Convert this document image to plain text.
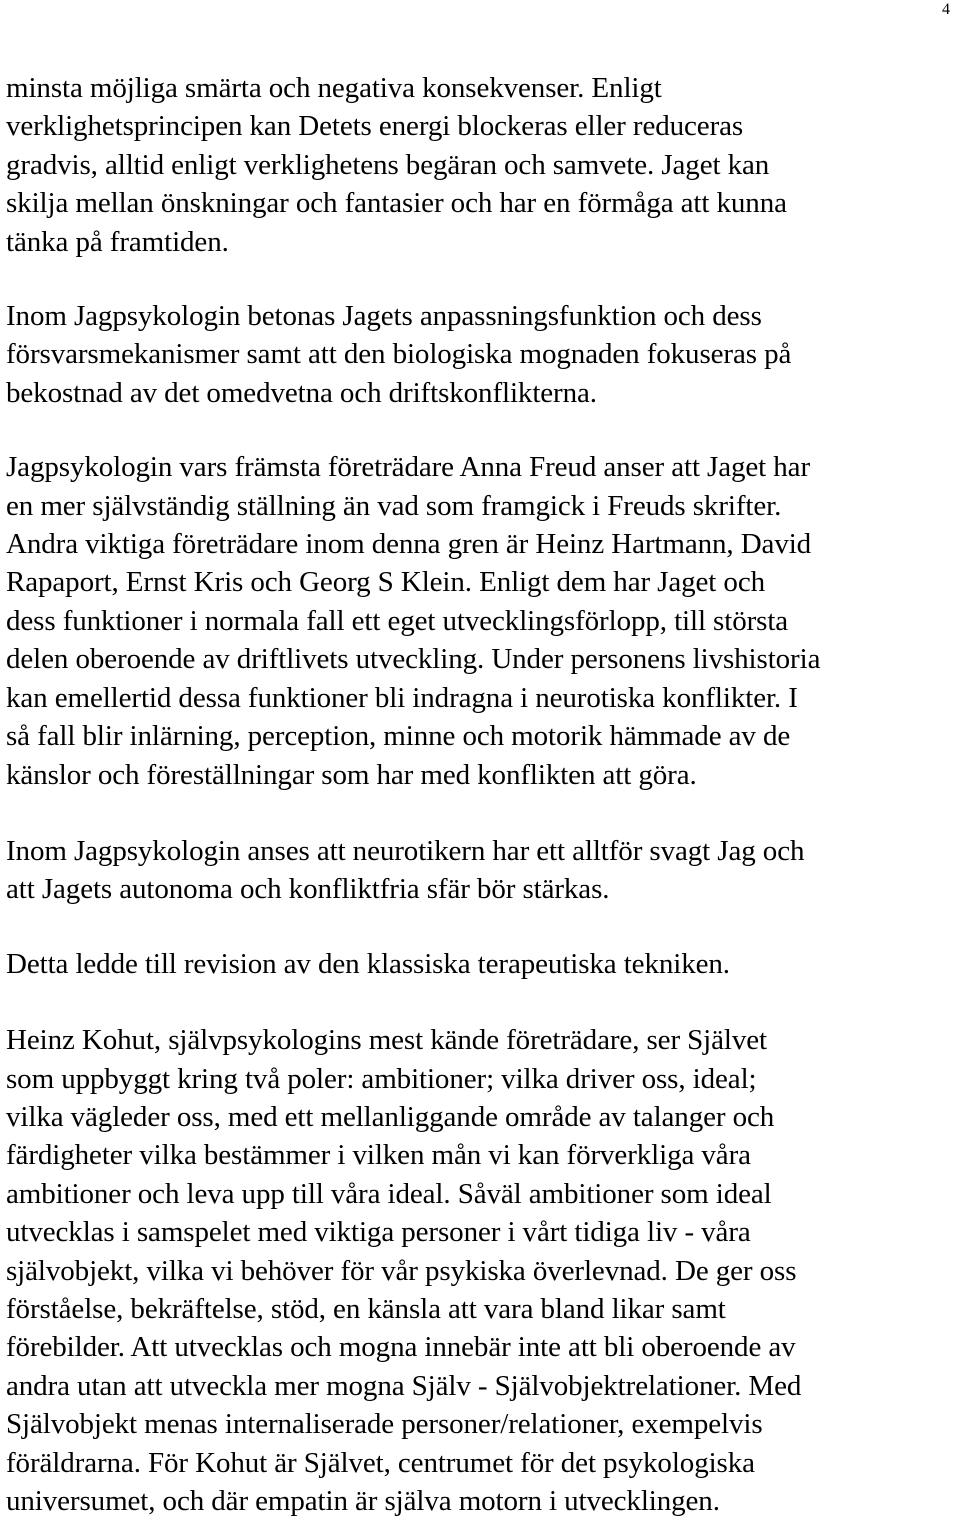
4

minsta möjliga smärta och negativa konsekvenser. Enligt
verklighetsprincipen kan Detets energi blockeras eller reduceras
gradvis, alltid enligt verklighetens begäran och samvete. Jaget kan
skilja mellan önskningar och fantasier och har en förmåga att kunna
tänka på framtiden.

Inom Jagpsykologin betonas Jagets anpassningsfunktion och dess
försvarsmekanismer samt att den biologiska mognaden fokuseras på
bekostnad av det omedvetna och driftskonflikterna.

Jagpsykologin vars främsta företrädare Anna Freud anser att Jaget har
en mer självständig ställning än vad som framgick i Freuds skrifter.
Andra viktiga företrädare inom denna gren är Heinz Hartmann, David
Rapaport, Ernst Kris och Georg S Klein. Enligt dem har Jaget och
dess funktioner i normala fall ett eget utvecklingsförlopp, till största
delen oberoende av driftlivets utveckling. Under personens livshistoria
kan emellertid dessa funktioner bli indragna i neurotiska konflikter. I
så fall blir inlärning, perception, minne och motorik hämmade av de
känslor och föreställningar som har med konflikten att göra.

Inom Jagpsykologin anses att neurotikern har ett alltför svagt Jag och
att Jagets autonoma och konfliktfria sfär bör stärkas.

Detta ledde till revision av den klassiska terapeutiska tekniken.

Heinz Kohut, självpsykologins mest kände företrädare, ser Självet
som uppbyggt kring två poler: ambitioner; vilka driver oss, ideal;
vilka vägleder oss, med ett mellanliggande område av talanger och
färdigheter vilka bestämmer i vilken mån vi kan förverkliga våra
ambitioner och leva upp till våra ideal. Såväl ambitioner som ideal
utvecklas i samspelet med viktiga personer i vårt tidiga liv - våra
självobjekt, vilka vi behöver för vår psykiska överlevnad. De ger oss
förståelse, bekräftelse, stöd, en känsla att vara bland likar samt
förebilder. Att utvecklas och mogna innebär inte att bli oberoende av
andra utan att utveckla mer mogna Själv - Självobjektrelationer. Med
Självobjekt menas internaliserade personer/relationer, exempelvis
föräldrarna. För Kohut är Självet, centrumet för det psykologiska
universumet, och där empatin är själva motorn i utvecklingen.
